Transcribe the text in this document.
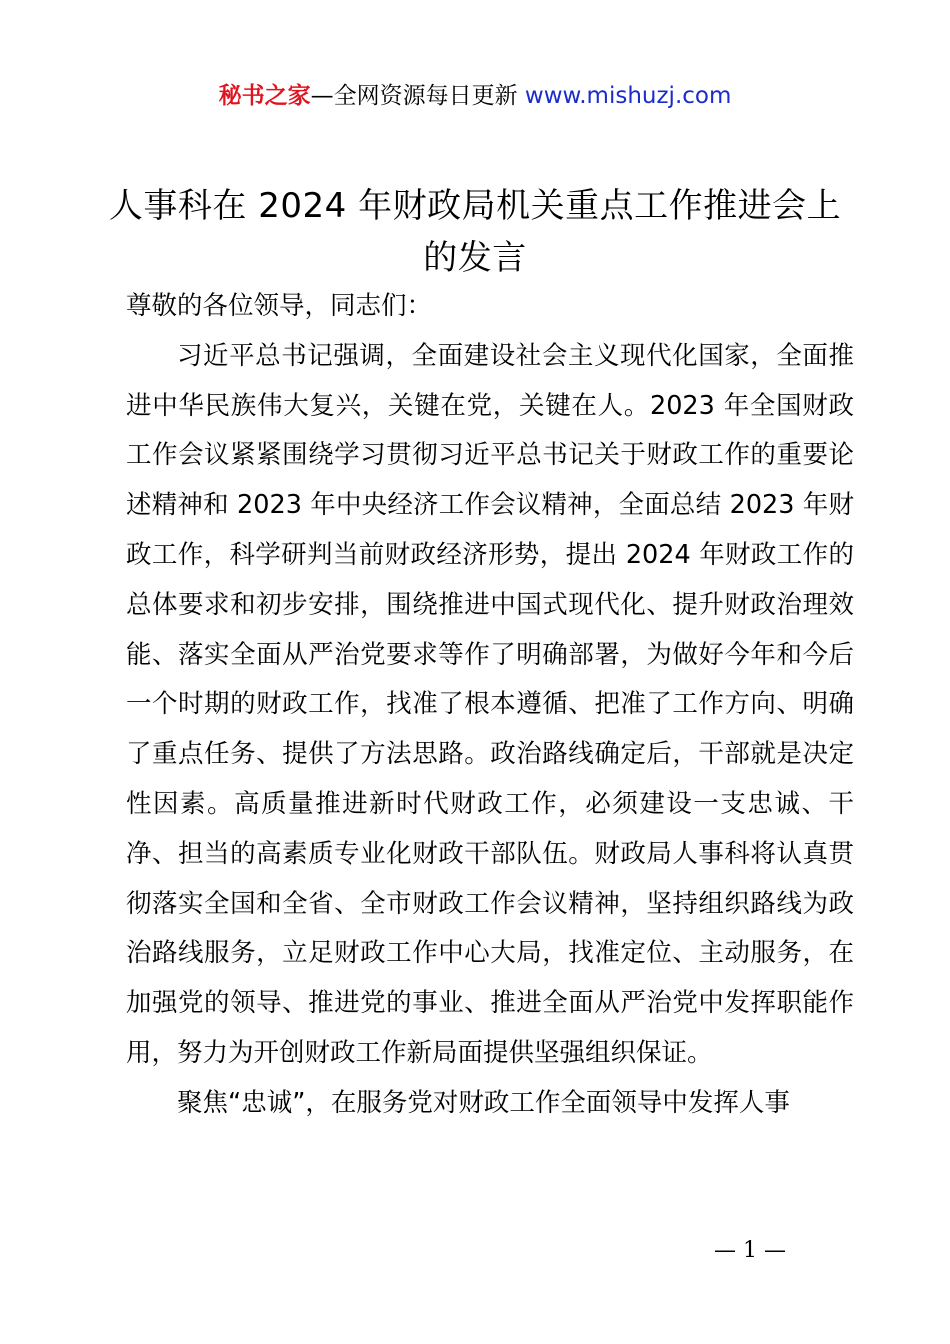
秘书之家—全网资源每日更新 www.mishuzj.com
人事科在 2024 年财政局机关重点工作推进会上的发言

尊敬的各位领导，同志们：

习近平总书记强调，全面建设社会主义现代化国家，全面推进中华民族伟大复兴，关键在党，关键在人。2023 年全国财政工作会议紧紧围绕学习贯彻习近平总书记关于财政工作的重要论述精神和 2023 年中央经济工作会议精神，全面总结 2023 年财政工作，科学研判当前财政经济形势，提出 2024 年财政工作的总体要求和初步安排，围绕推进中国式现代化、提升财政治理效能、落实全面从严治党要求等作了明确部署，为做好今年和今后一个时期的财政工作，找准了根本遵循、把准了工作方向、明确了重点任务、提供了方法思路。政治路线确定后，干部就是决定性因素。高质量推进新时代财政工作，必须建设一支忠诚、干净、担当的高素质专业化财政干部队伍。财政局人事科将认真贯彻落实全国和全省、全市财政工作会议精神，坚持组织路线为政治路线服务，立足财政工作中心大局，找准定位、主动服务，在加强党的领导、推进党的事业、推进全面从严治党中发挥职能作用，努力为开创财政工作新局面提供坚强组织保证。

聚焦“忠诚”，在服务党对财政工作全面领导中发挥人事

— 1 —
